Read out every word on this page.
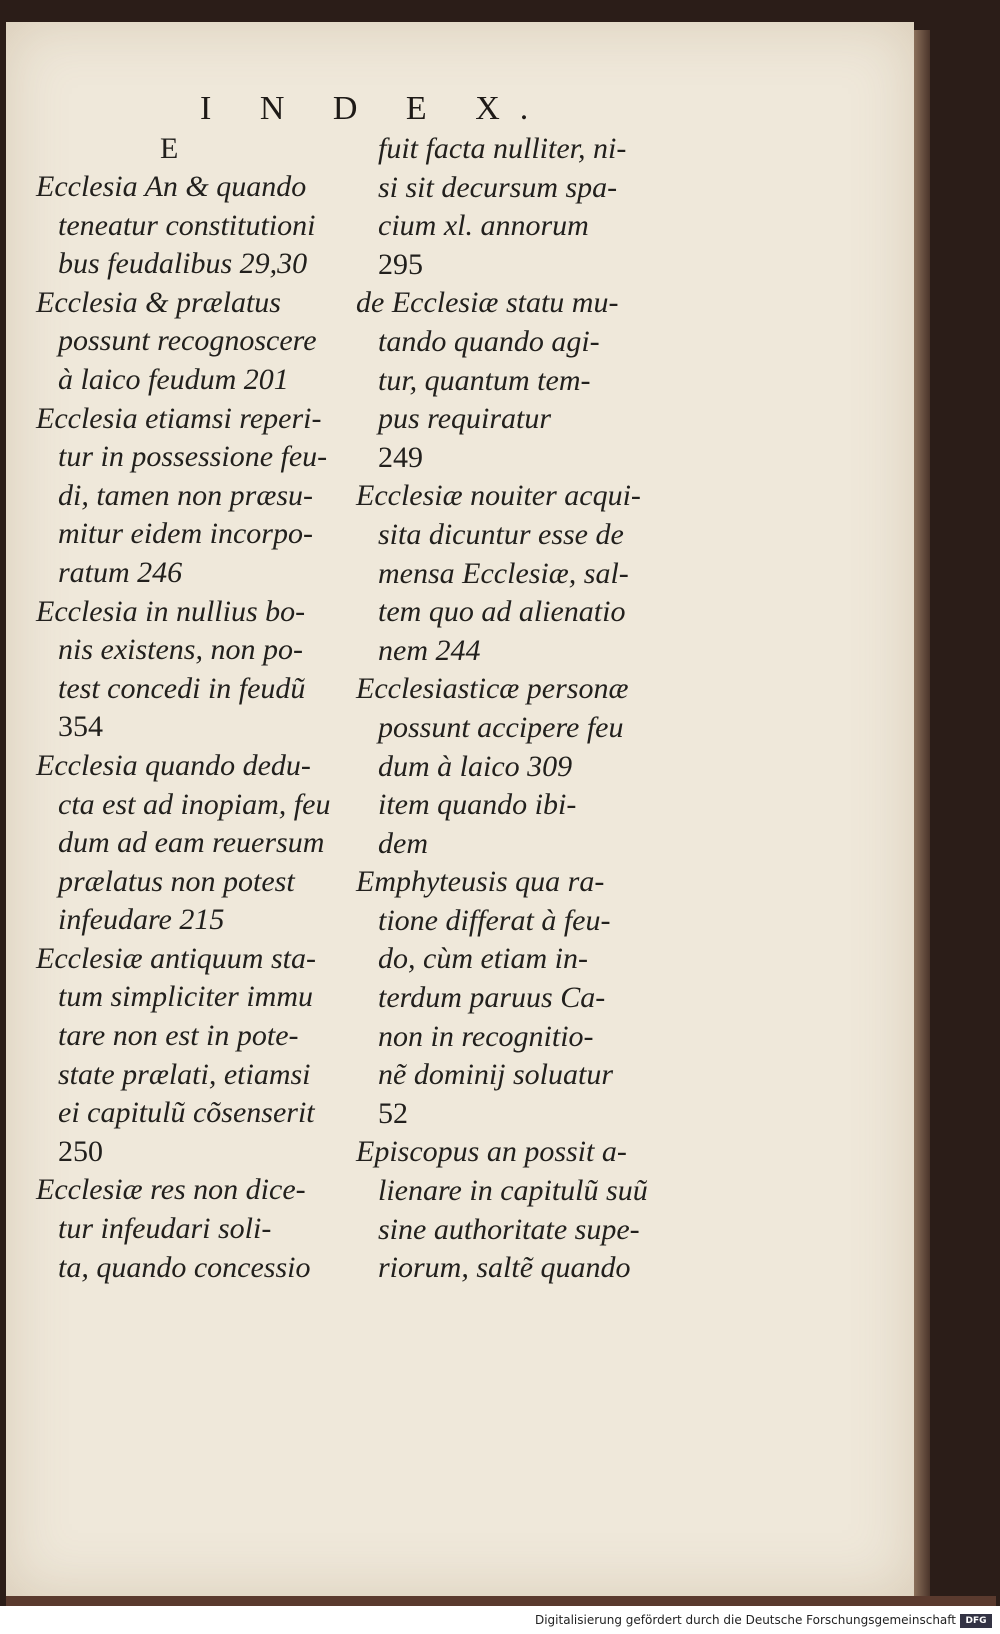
I N D E X.
E
Ecclesia An & quando
teneatur constitutioni
bus feudalibus 29,30
Ecclesia & prælatus
possunt recognoscere
à laico feudum 201
Ecclesia etiamsi reperi-
tur in possessione feu-
di, tamen non præsu-
mitur eidem incorpo-
ratum 246
Ecclesia in nullius bo-
nis existens, non po-
test concedi in feudũ
354
Ecclesia quando dedu-
cta est ad inopiam, feu
dum ad eam reuersum
prælatus non potest
infeudare 215
Ecclesiæ antiquum sta-
tum simpliciter immu
tare non est in pote-
state prælati, etiamsi
ei capitulũ cõsenserit
250
Ecclesiæ res non dice-
tur infeudari soli-
ta, quando concessio
fuit facta nulliter, ni-
si sit decursum spa-
cium xl. annorum
295
de Ecclesiæ statu mu-
tando quando agi-
tur, quantum tem-
pus requiratur
249
Ecclesiæ nouiter acqui-
sita dicuntur esse de
mensa Ecclesiæ, sal-
tem quo ad alienatio
nem 244
Ecclesiasticæ personæ
possunt accipere feu
dum à laico 309
item quando ibi-
dem
Emphyteusis qua ra-
tione differat à feu-
do, cùm etiam in-
terdum paruus Ca-
non in recognitio-
nẽ dominij soluatur
52
Episcopus an possit a-
lienare in capitulũ suũ
sine authoritate supe-
riorum, saltẽ quando
Digitalisierung gefördert durch die Deutsche Forschungsgemeinschaft	DFG
